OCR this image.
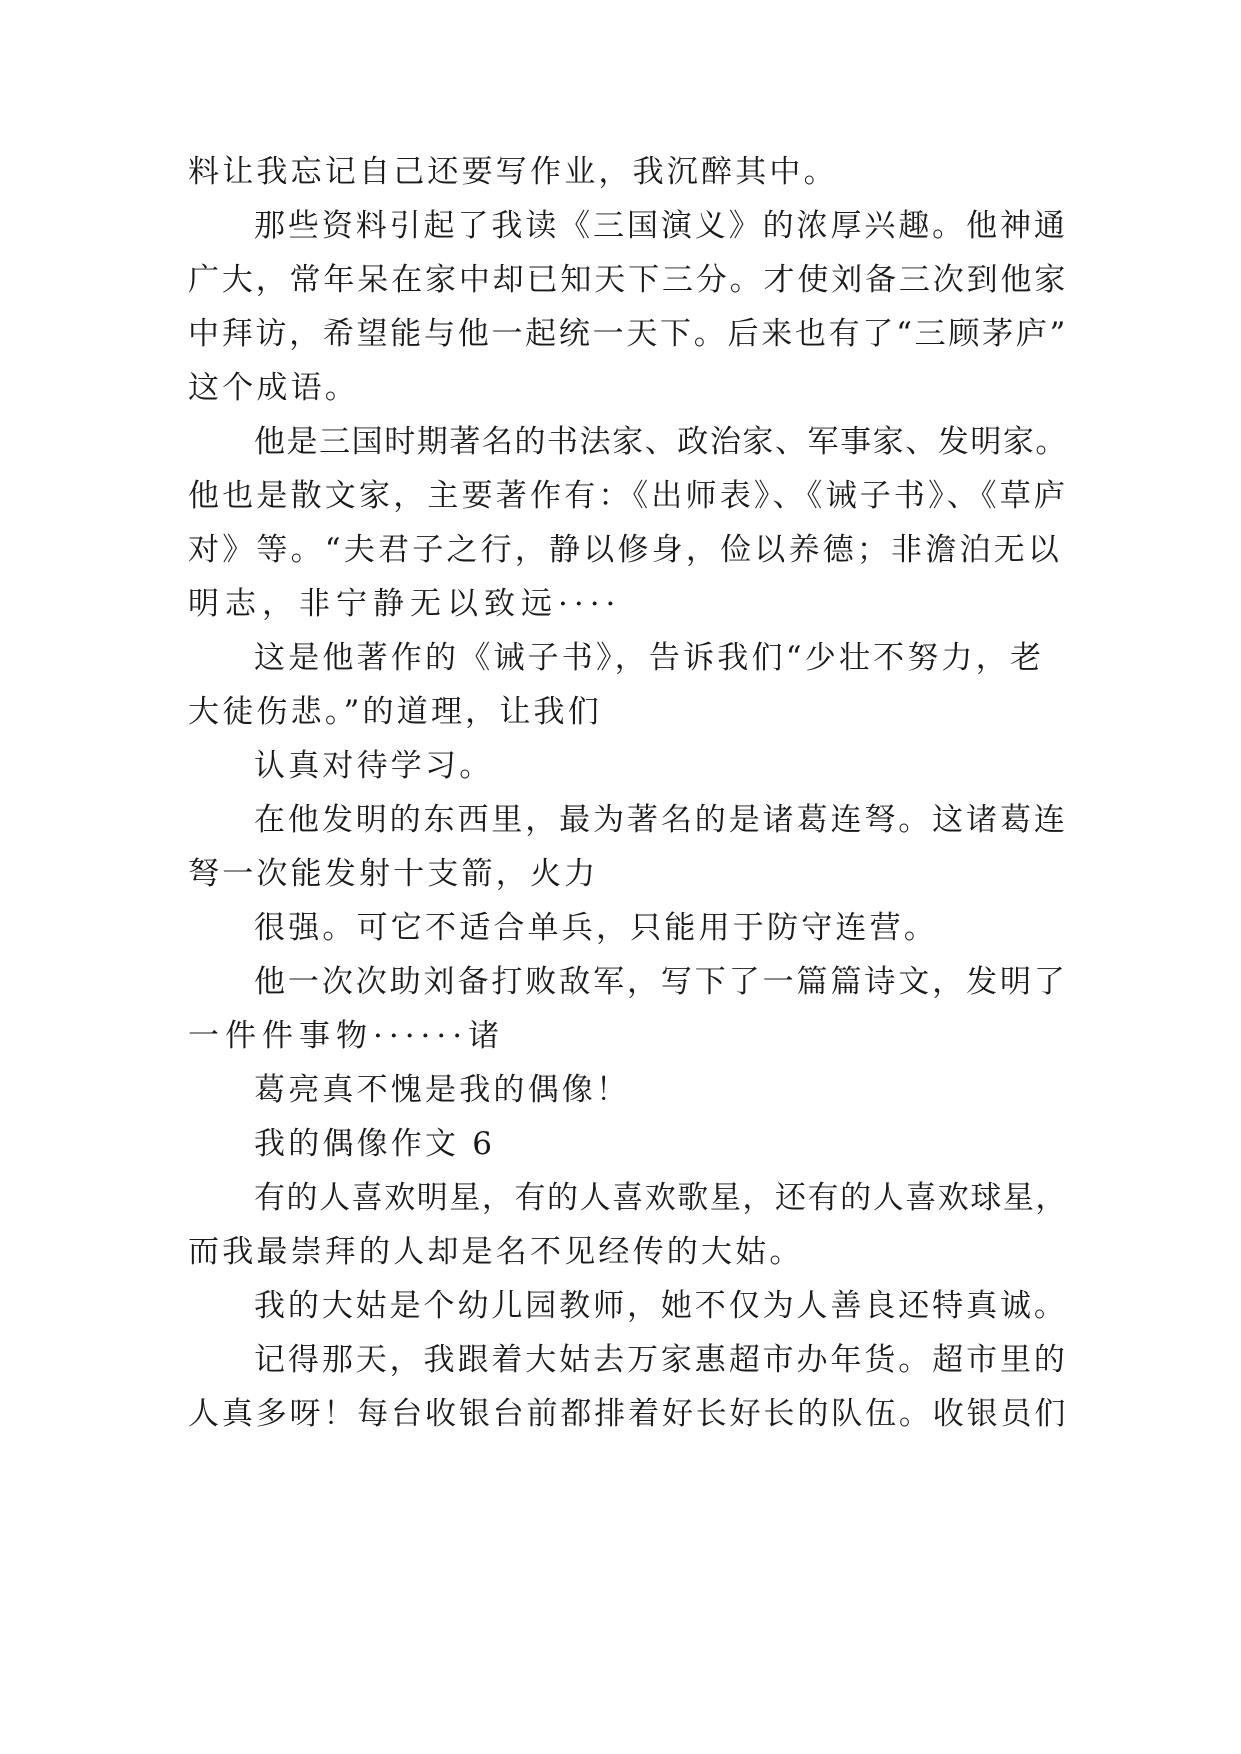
料让我忘记自己还要写作业，我沉醉其中。
那些资料引起了我读《三国演义》的浓厚兴趣。他神通
广大，常年呆在家中却已知天下三分。才使刘备三次到他家
中拜访，希望能与他一起统一天下。后来也有了“三顾茅庐”
这个成语。
他是三国时期著名的书法家、政治家、军事家、发明家。
他也是散文家，主要著作有：《出师表》、《诫子书》、《草庐
对》等。“夫君子之行，静以修身，俭以养德；非澹泊无以
明志，非宁静无以致远····
这是他著作的《诫子书》，告诉我们“少壮不努力，老
大徒伤悲。”的道理，让我们
认真对待学习。
在他发明的东西里，最为著名的是诸葛连弩。这诸葛连
弩一次能发射十支箭，火力
很强。可它不适合单兵，只能用于防守连营。
他一次次助刘备打败敌军，写下了一篇篇诗文，发明了
一件件事物······诸
葛亮真不愧是我的偶像！
我的偶像作文 6
有的人喜欢明星，有的人喜欢歌星，还有的人喜欢球星，
而我最崇拜的人却是名不见经传的大姑。
我的大姑是个幼儿园教师，她不仅为人善良还特真诚。
记得那天，我跟着大姑去万家惠超市办年货。超市里的
人真多呀！每台收银台前都排着好长好长的队伍。收银员们
